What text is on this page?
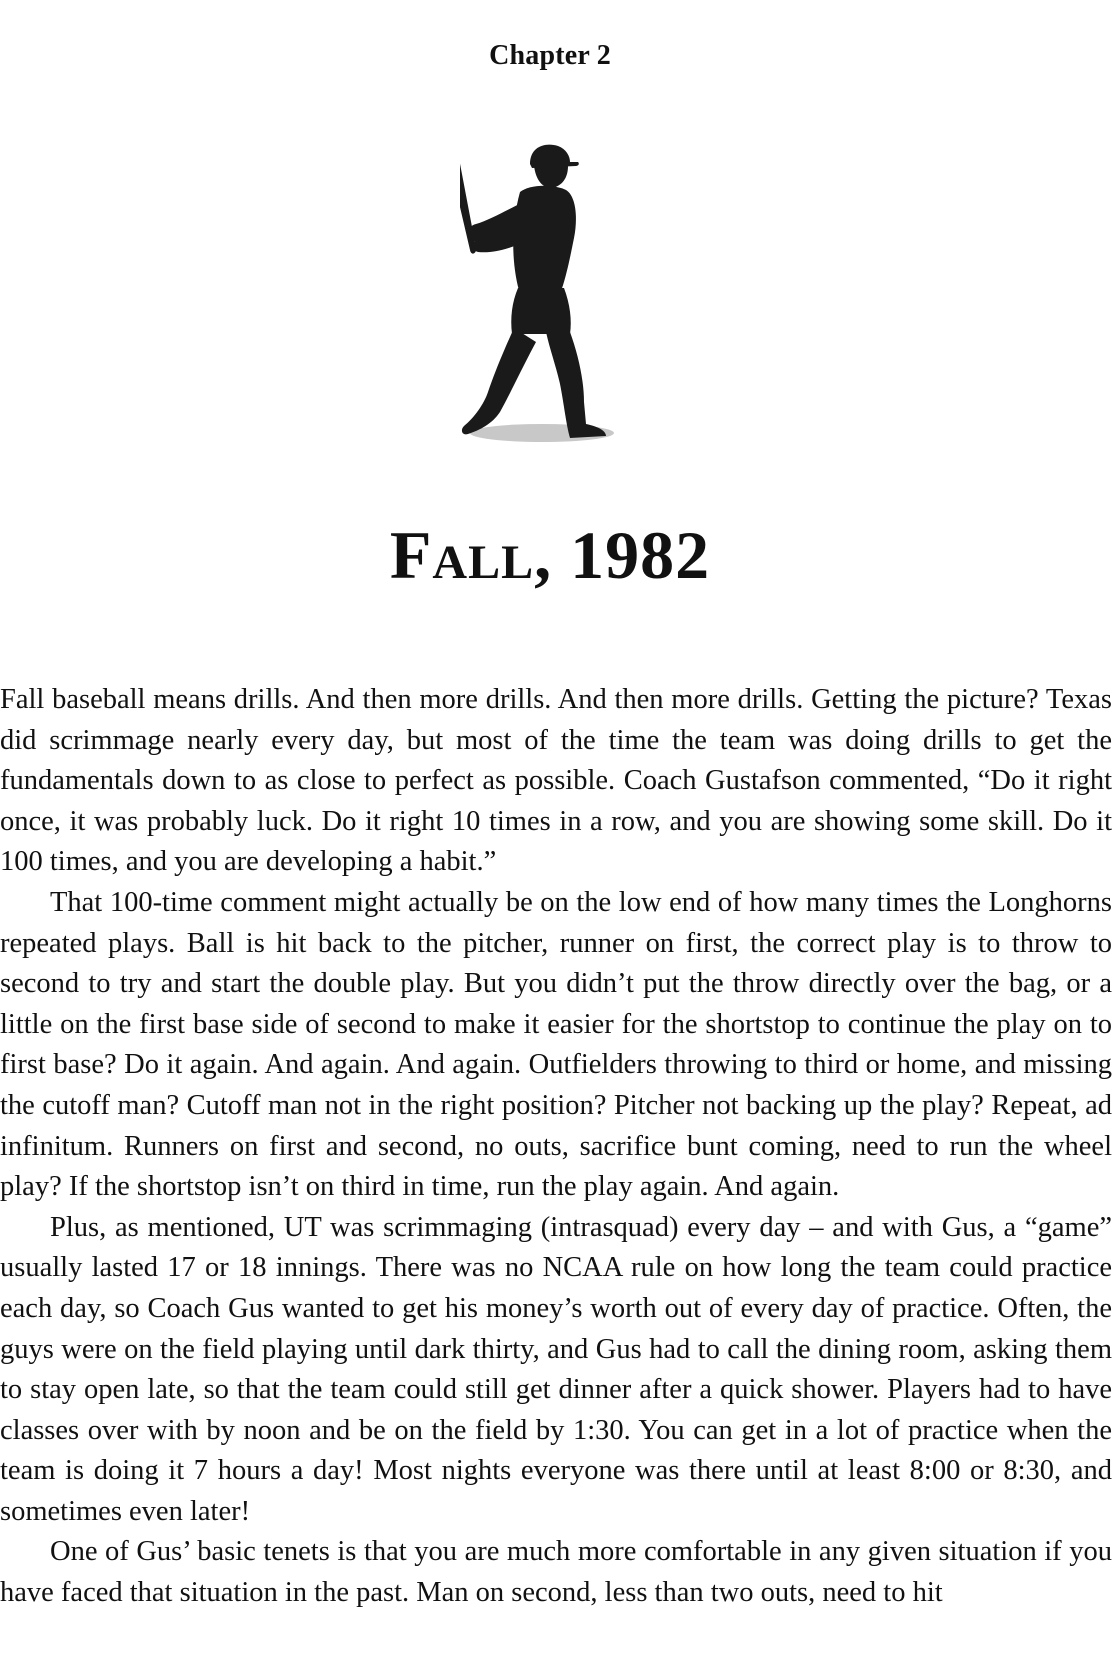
Chapter 2
Fall, 1982

Fall baseball means drills. And then more drills. And then more drills. Getting the picture? Texas did scrimmage nearly every day, but most of the time the team was doing drills to get the fundamentals down to as close to perfect as possible. Coach Gustafson commented, “Do it right once, it was probably luck. Do it right 10 times in a row, and you are showing some skill. Do it 100 times, and you are developing a habit.”

That 100-time comment might actually be on the low end of how many times the Longhorns repeated plays. Ball is hit back to the pitcher, runner on first, the correct play is to throw to second to try and start the double play. But you didn’t put the throw directly over the bag, or a little on the first base side of second to make it easier for the shortstop to continue the play on to first base? Do it again. And again. And again. Outfielders throwing to third or home, and missing the cutoff man? Cutoff man not in the right position? Pitcher not backing up the play? Repeat, ad infinitum. Runners on first and second, no outs, sacrifice bunt coming, need to run the wheel play? If the shortstop isn’t on third in time, run the play again. And again.

Plus, as mentioned, UT was scrimmaging (intrasquad) every day – and with Gus, a “game” usually lasted 17 or 18 innings. There was no NCAA rule on how long the team could practice each day, so Coach Gus wanted to get his money’s worth out of every day of practice. Often, the guys were on the field playing until dark thirty, and Gus had to call the dining room, asking them to stay open late, so that the team could still get dinner after a quick shower. Players had to have classes over with by noon and be on the field by 1:30. You can get in a lot of practice when the team is doing it 7 hours a day! Most nights everyone was there until at least 8:00 or 8:30, and sometimes even later!

One of Gus’ basic tenets is that you are much more comfortable in any given situation if you have faced that situation in the past. Man on second, less than two outs, need to hit
